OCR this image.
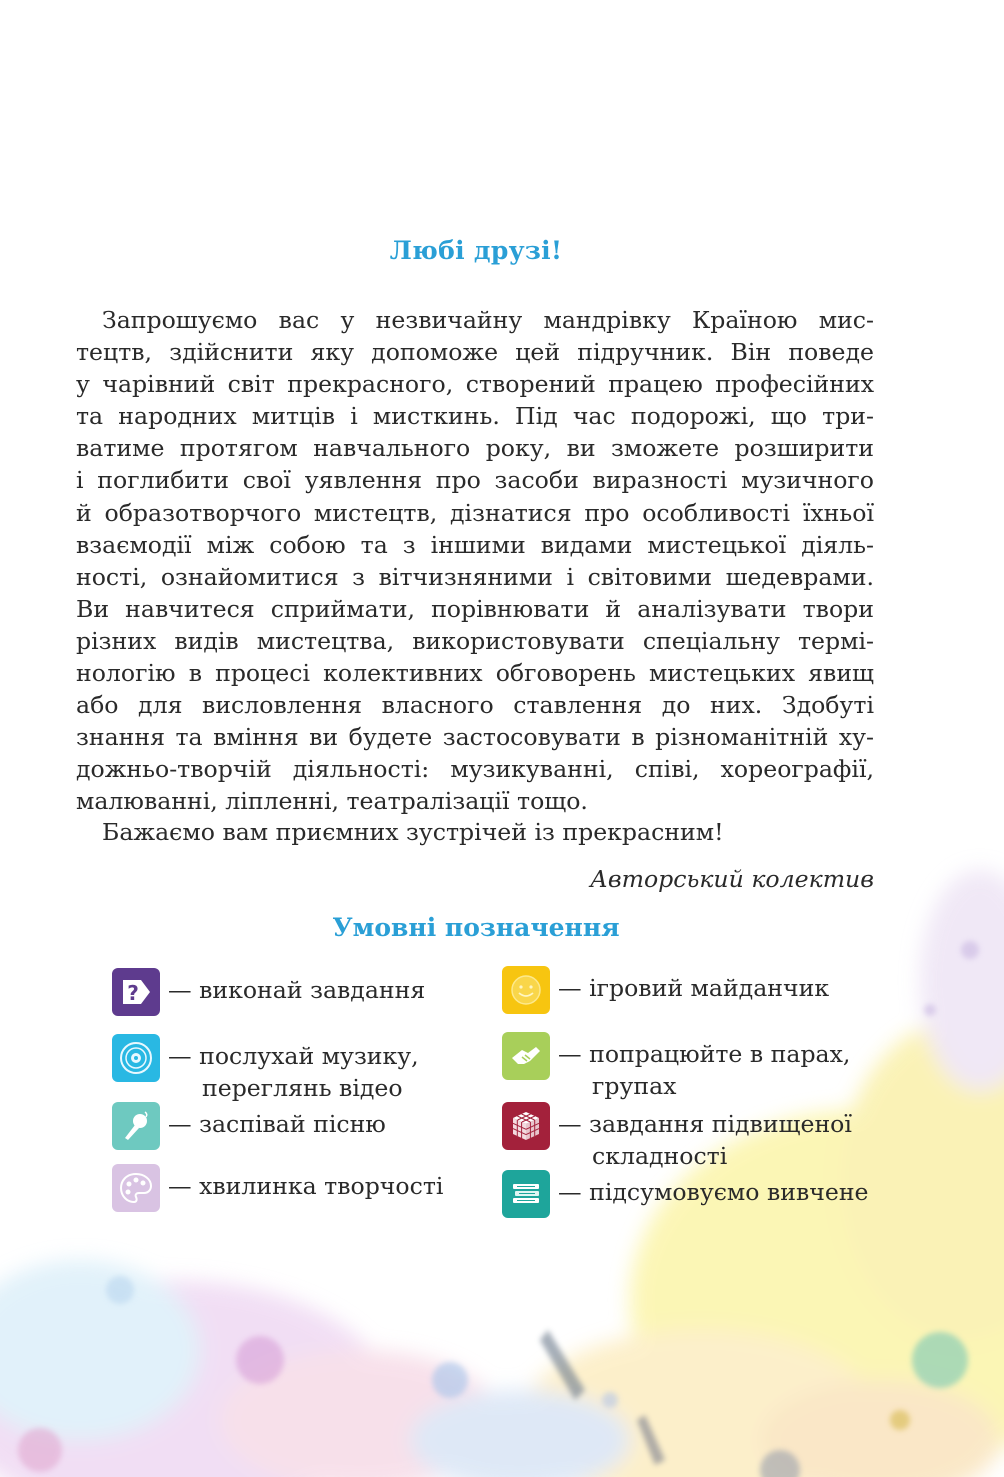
Любі друзі!
Запрошуємо вас у незвичайну мандрівку Країною мис-
тецтв, здійснити яку допоможе цей підручник. Він поведе
у чарівний світ прекрасного, створений працею професійних
та народних митців і мисткинь. Під час подорожі, що три-
ватиме протягом навчального року, ви зможете розширити
і поглибити свої уявлення про засоби виразності музичного
й образотворчого мистецтв, дізнатися про особливості їхньої
взаємодії між собою та з іншими видами мистецької діяль-
ності, ознайомитися з вітчизняними і світовими шедеврами.
Ви навчитеся сприймати, порівнювати й аналізувати твори
різних видів мистецтва, використовувати спеціальну термі-
нологію в процесі колективних обговорень мистецьких явищ
або для висловлення власного ставлення до них. Здобуті
знання та вміння ви будете застосовувати в різноманітній ху-
дожньо-творчій діяльності: музикуванні, співі, хореографії,
малюванні, ліпленні, театралізації тощо.
Бажаємо вам приємних зустрічей із прекрасним!
Авторський колектив
Умовні позначення
? — виконай завдання
— послухай музику,
переглянь відео
— заспівай пісню
— хвилинка творчості
— ігровий майданчик
— попрацюйте в парах,
групах
— завдання підвищеної
складності
— підсумовуємо вивчене
